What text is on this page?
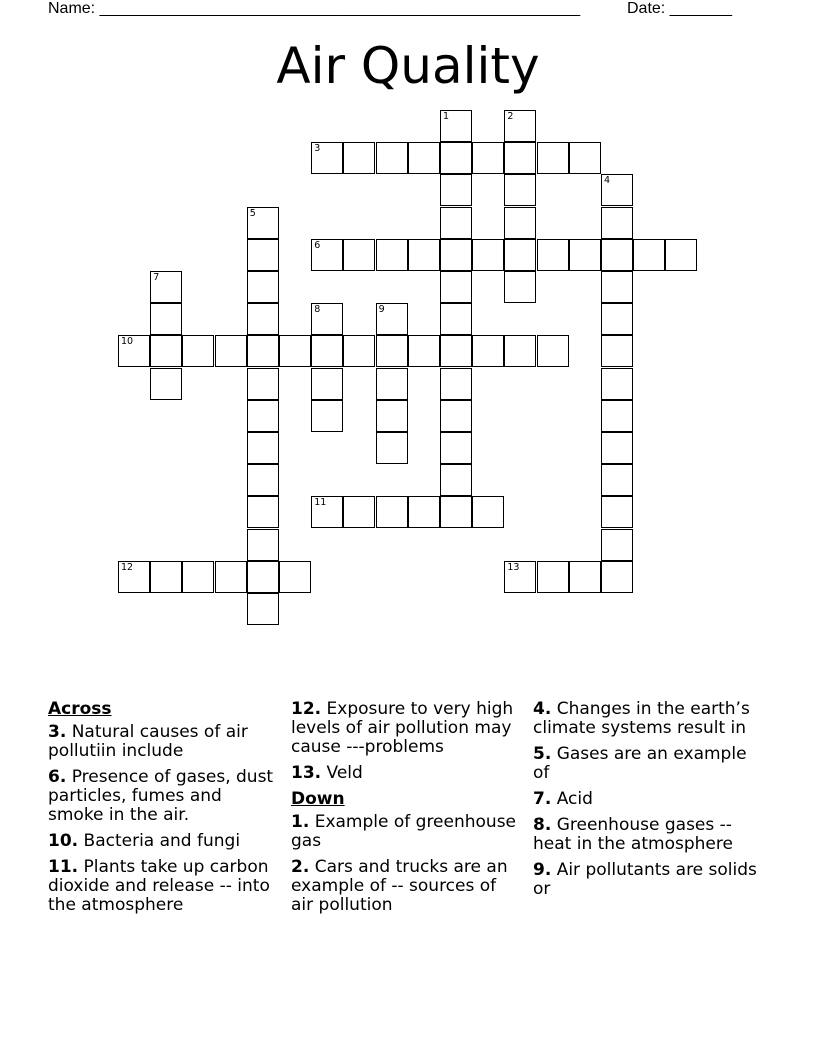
Name: ______________________________________________________	Date: _______
Air Quality
1	2
3
4
5
6
7
8	9
10
11
12	13
Across
3. Natural causes of air pollutiin include
6. Presence of gases, dust particles, fumes and smoke in the air.
10. Bacteria and fungi
11. Plants take up carbon dioxide and release -- into the atmosphere
12. Exposure to very high levels of air pollution may cause ---problems
13. Veld
Down
1. Example of greenhouse gas
2. Cars and trucks are an example of -- sources of air pollution
4. Changes in the earth’s climate systems result in
5. Gases are an example of
7. Acid
8. Greenhouse gases --heat in the atmosphere
9. Air pollutants are solids or
